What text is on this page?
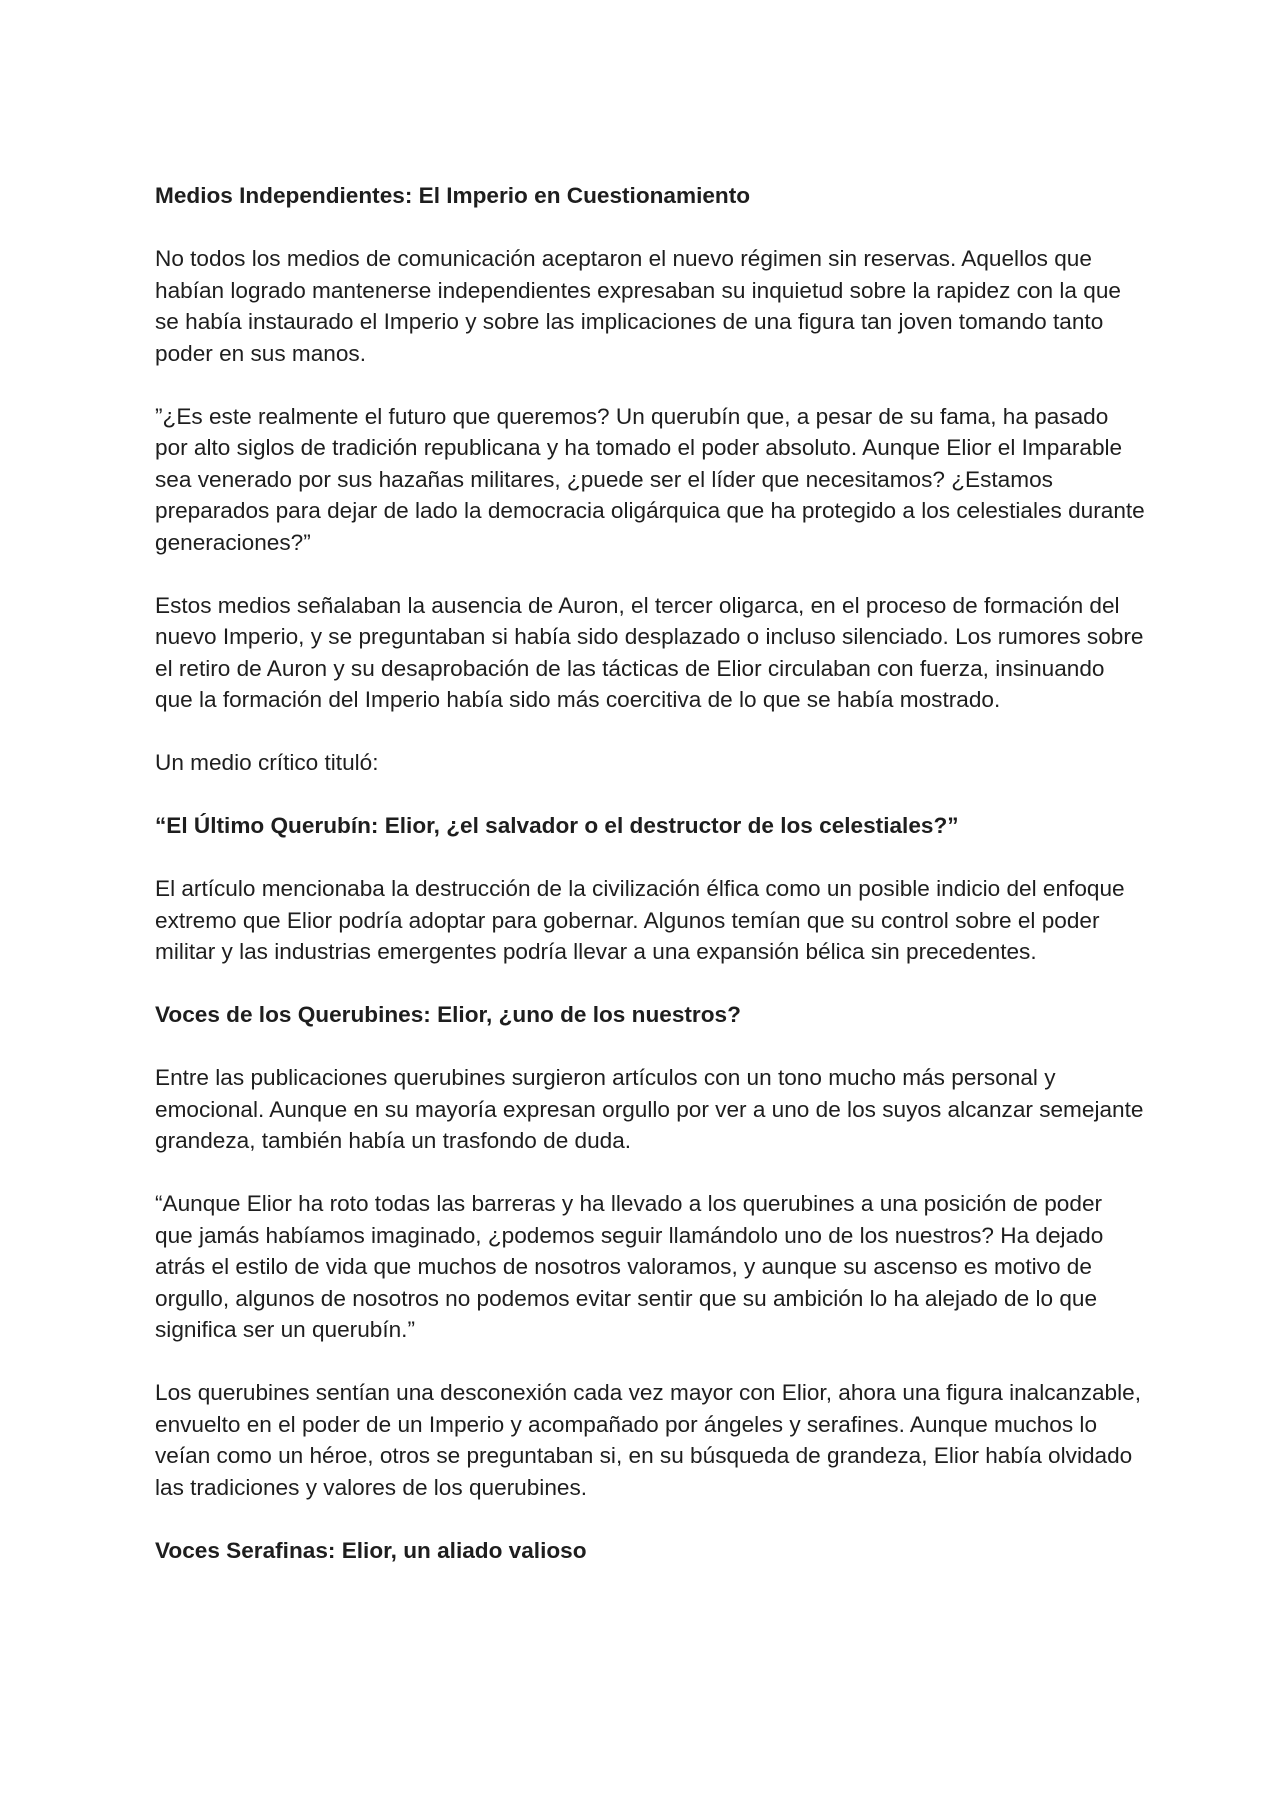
Medios Independientes: El Imperio en Cuestionamiento
No todos los medios de comunicación aceptaron el nuevo régimen sin reservas. Aquellos que habían logrado mantenerse independientes expresaban su inquietud sobre la rapidez con la que se había instaurado el Imperio y sobre las implicaciones de una figura tan joven tomando tanto poder en sus manos.
”¿Es este realmente el futuro que queremos? Un querubín que, a pesar de su fama, ha pasado por alto siglos de tradición republicana y ha tomado el poder absoluto. Aunque Elior el Imparable sea venerado por sus hazañas militares, ¿puede ser el líder que necesitamos? ¿Estamos preparados para dejar de lado la democracia oligárquica que ha protegido a los celestiales durante generaciones?”
Estos medios señalaban la ausencia de Auron, el tercer oligarca, en el proceso de formación del nuevo Imperio, y se preguntaban si había sido desplazado o incluso silenciado. Los rumores sobre el retiro de Auron y su desaprobación de las tácticas de Elior circulaban con fuerza, insinuando que la formación del Imperio había sido más coercitiva de lo que se había mostrado.
Un medio crítico tituló:
“El Último Querubín: Elior, ¿el salvador o el destructor de los celestiales?”
El artículo mencionaba la destrucción de la civilización élfica como un posible indicio del enfoque extremo que Elior podría adoptar para gobernar. Algunos temían que su control sobre el poder militar y las industrias emergentes podría llevar a una expansión bélica sin precedentes.
Voces de los Querubines: Elior, ¿uno de los nuestros?
Entre las publicaciones querubines surgieron artículos con un tono mucho más personal y emocional. Aunque en su mayoría expresan orgullo por ver a uno de los suyos alcanzar semejante grandeza, también había un trasfondo de duda.
“Aunque Elior ha roto todas las barreras y ha llevado a los querubines a una posición de poder que jamás habíamos imaginado, ¿podemos seguir llamándolo uno de los nuestros? Ha dejado atrás el estilo de vida que muchos de nosotros valoramos, y aunque su ascenso es motivo de orgullo, algunos de nosotros no podemos evitar sentir que su ambición lo ha alejado de lo que significa ser un querubín.”
Los querubines sentían una desconexión cada vez mayor con Elior, ahora una figura inalcanzable, envuelto en el poder de un Imperio y acompañado por ángeles y serafines. Aunque muchos lo veían como un héroe, otros se preguntaban si, en su búsqueda de grandeza, Elior había olvidado las tradiciones y valores de los querubines.
Voces Serafinas: Elior, un aliado valioso
